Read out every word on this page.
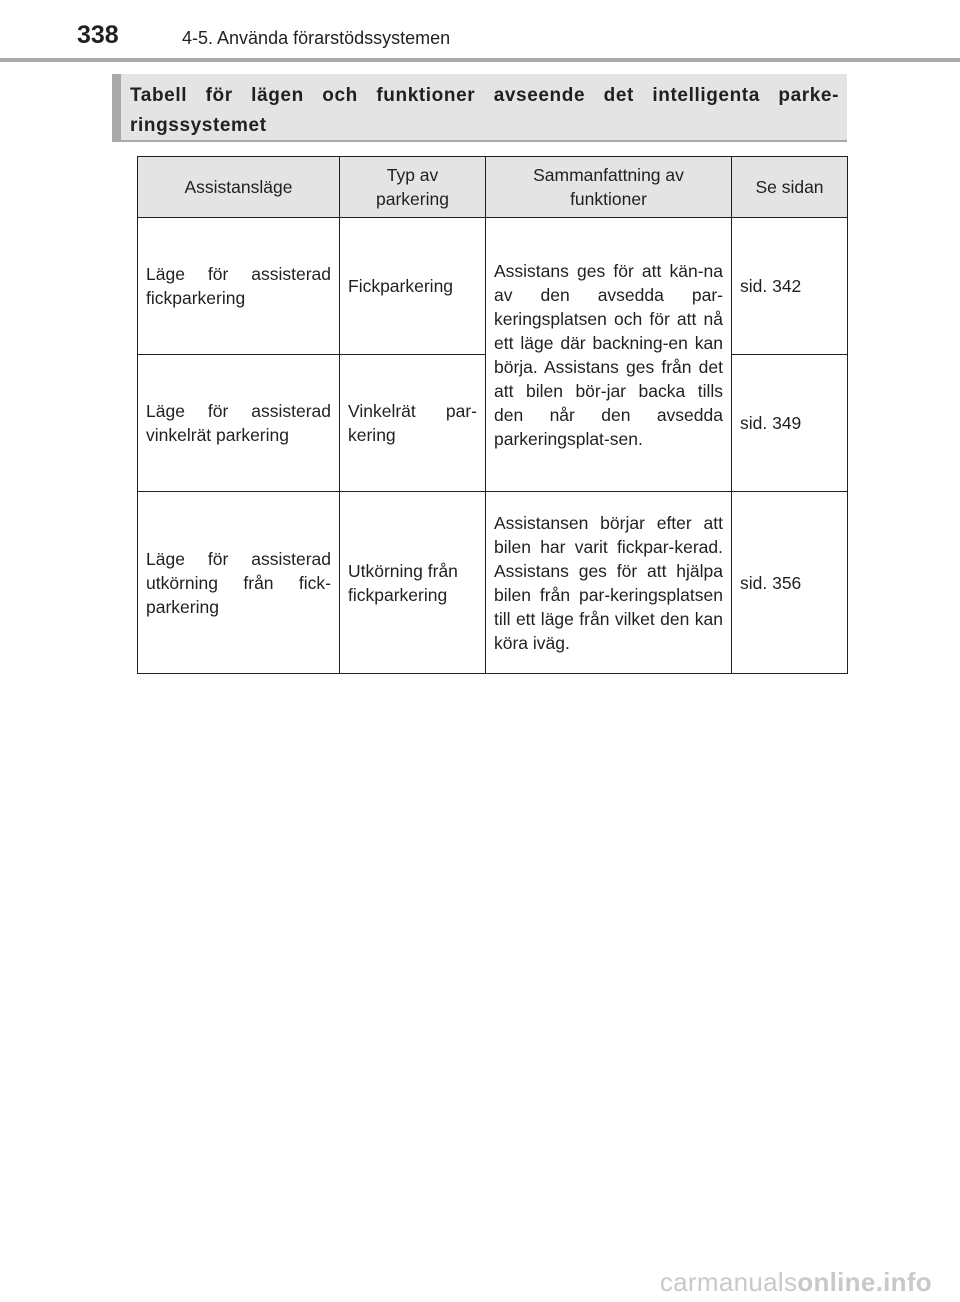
338	4-5. Använda förarstödssystemen
Tabell för lägen och funktioner avseende det intelligenta parke-ringssystemet
Assistansläge	Typ av parkering	Sammanfattning av funktioner	Se sidan
Läge för assisterad fickparkering	Fickparkering	Assistans ges för att kän-na av den avsedda par-keringsplatsen och för att nå ett läge där backning-en kan börja. Assistans ges från det att bilen bör-jar backa tills den når den avsedda parkeringsplat-sen.	sid. 342
Läge för assisterad vinkelrät parkering	Vinkelrät par-kering		sid. 349
Läge för assisterad utkörning från fick-parkering	Utkörning från fickparkering	Assistansen börjar efter att bilen har varit fickpar-kerad. Assistans ges för att hjälpa bilen från par-keringsplatsen till ett läge från vilket den kan köra iväg.	sid. 356
carmanualsonline.info
